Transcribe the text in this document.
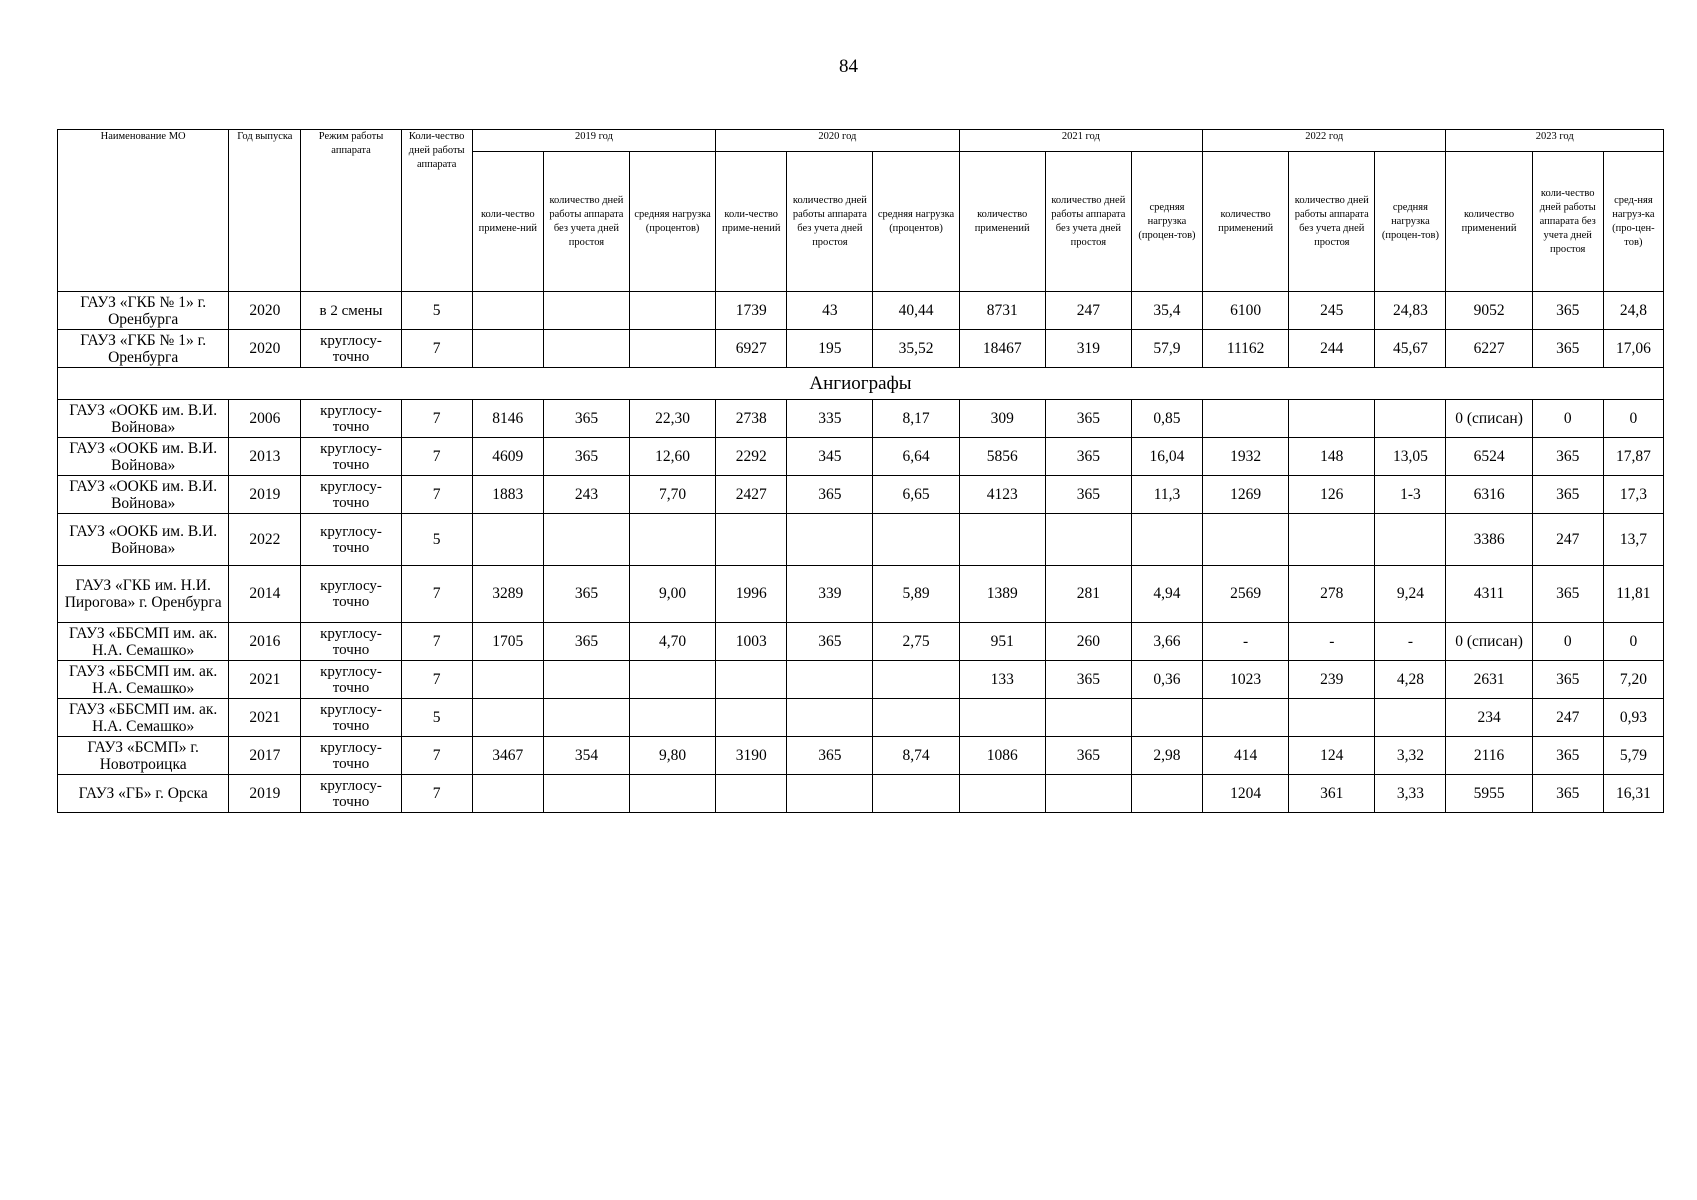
84
Наименование МО	Год выпуска	Режим работы аппарата	Коли-чество дней работы аппарата	2019 год			2020 год			2021 год			2022 год			2023 год		
				коли-чество примене-ний	количество дней работы аппарата без учета дней простоя	средняя нагрузка (процентов)	коли-чество приме-нений	количество дней работы аппарата без учета дней простоя	средняя нагрузка (процентов)	количество применений	количество дней работы аппарата без учета дней простоя	средняя нагрузка (процен-тов)	количество применений	количество дней работы аппарата без учета дней простоя	средняя нагрузка (процен-тов)	количество применений	коли-чество дней работы аппарата без учета дней простоя	сред-няя нагруз-ка (про-цен-тов)
ГАУЗ «ГКБ № 1» г. Оренбурга	2020	в 2 смены	5				1739	43	40,44	8731	247	35,4	6100	245	24,83	9052	365	24,8
ГАУЗ «ГКБ № 1» г. Оренбурга	2020	круглосу-точно	7				6927	195	35,52	18467	319	57,9	11162	244	45,67	6227	365	17,06
Ангиографы																		
ГАУЗ «ООКБ им. В.И. Войнова»	2006	круглосу-точно	7	8146	365	22,30	2738	335	8,17	309	365	0,85				0 (списан)	0	0
ГАУЗ «ООКБ им. В.И. Войнова»	2013	круглосу-точно	7	4609	365	12,60	2292	345	6,64	5856	365	16,04	1932	148	13,05	6524	365	17,87
ГАУЗ «ООКБ им. В.И. Войнова»	2019	круглосу-точно	7	1883	243	7,70	2427	365	6,65	4123	365	11,3	1269	126	1-3	6316	365	17,3
ГАУЗ «ООКБ им. В.И. Войнова»	2022	круглосу-точно	5													3386	247	13,7
ГАУЗ «ГКБ им. Н.И. Пирогова» г. Оренбурга	2014	круглосу-точно	7	3289	365	9,00	1996	339	5,89	1389	281	4,94	2569	278	9,24	4311	365	11,81
ГАУЗ «ББСМП им. ак. Н.А. Семашко»	2016	круглосу-точно	7	1705	365	4,70	1003	365	2,75	951	260	3,66	-	-	-	0 (списан)	0	0
ГАУЗ «ББСМП им. ак. Н.А. Семашко»	2021	круглосу-точно	7							133	365	0,36	1023	239	4,28	2631	365	7,20
ГАУЗ «ББСМП им. ак. Н.А. Семашко»	2021	круглосу-точно	5													234	247	0,93
ГАУЗ «БСМП» г. Новотроицка	2017	круглосу-точно	7	3467	354	9,80	3190	365	8,74	1086	365	2,98	414	124	3,32	2116	365	5,79
ГАУЗ «ГБ» г. Орска	2019	круглосу-точно	7										1204	361	3,33	5955	365	16,31
